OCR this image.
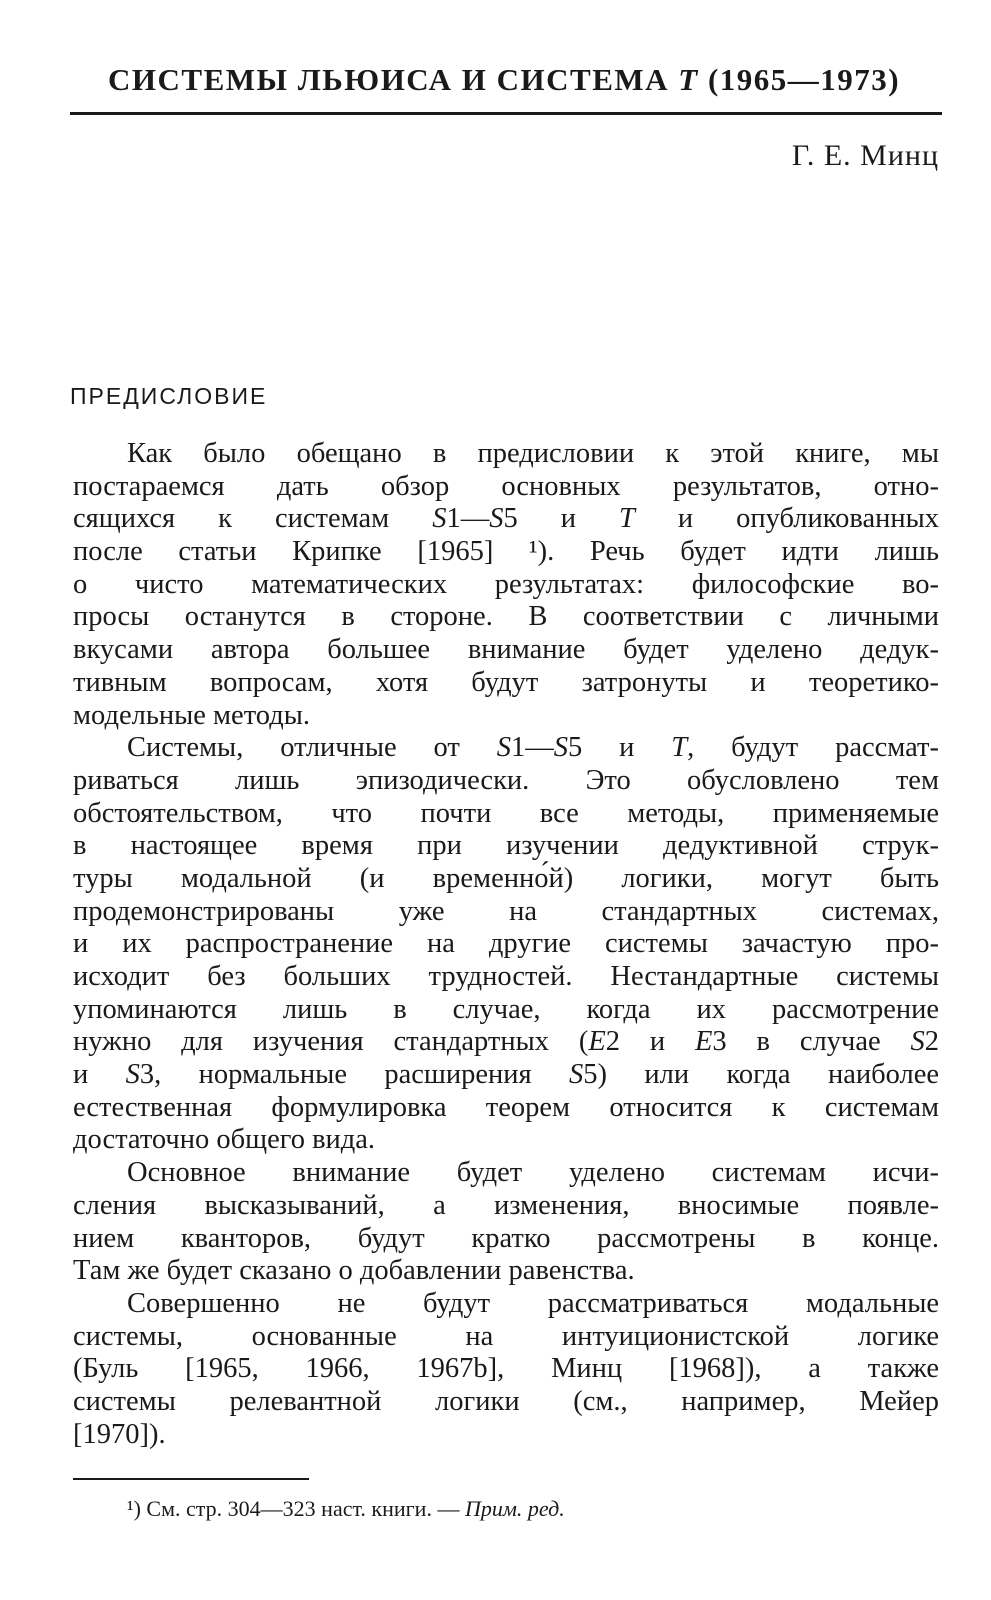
СИСТЕМЫ ЛЬЮИСА И СИСТЕМА T (1965—1973)
Г. Е. Минц
ПРЕДИСЛОВИЕ

Как было обещано в предисловии к этой книге, мы
постараемся дать обзор основных результатов, отно-
сящихся к системам S1—S5 и T и опубликованных
после статьи Крипке [1965] ¹). Речь будет идти лишь
о чисто математических результатах: философские во-
просы останутся в стороне. В соответствии с личными
вкусами автора большее внимание будет уделено дедук-
тивным вопросам, хотя будут затронуты и теоретико-
модельные методы.

Системы, отличные от S1—S5 и T, будут рассмат-
риваться лишь эпизодически. Это обусловлено тем
обстоятельством, что почти все методы, применяемые
в настоящее время при изучении дедуктивной струк-
туры модальной (и временно́й) логики, могут быть
продемонстрированы уже на стандартных системах,
и их распространение на другие системы зачастую про-
исходит без больших трудностей. Нестандартные системы
упоминаются лишь в случае, когда их рассмотрение
нужно для изучения стандартных (E2 и E3 в случае S2
и S3, нормальные расширения S5) или когда наиболее
естественная формулировка теорем относится к системам
достаточно общего вида.

Основное внимание будет уделено системам исчи-
сления высказываний, а изменения, вносимые появле-
нием кванторов, будут кратко рассмотрены в конце.
Там же будет сказано о добавлении равенства.

Совершенно не будут рассматриваться модальные
системы, основанные на интуиционистской логике
(Буль [1965, 1966, 1967b], Минц [1968]), а также
системы релевантной логики (см., например, Мейер
[1970]).

¹) См. стр. 304—323 наст. книги. — Прим. ред.
